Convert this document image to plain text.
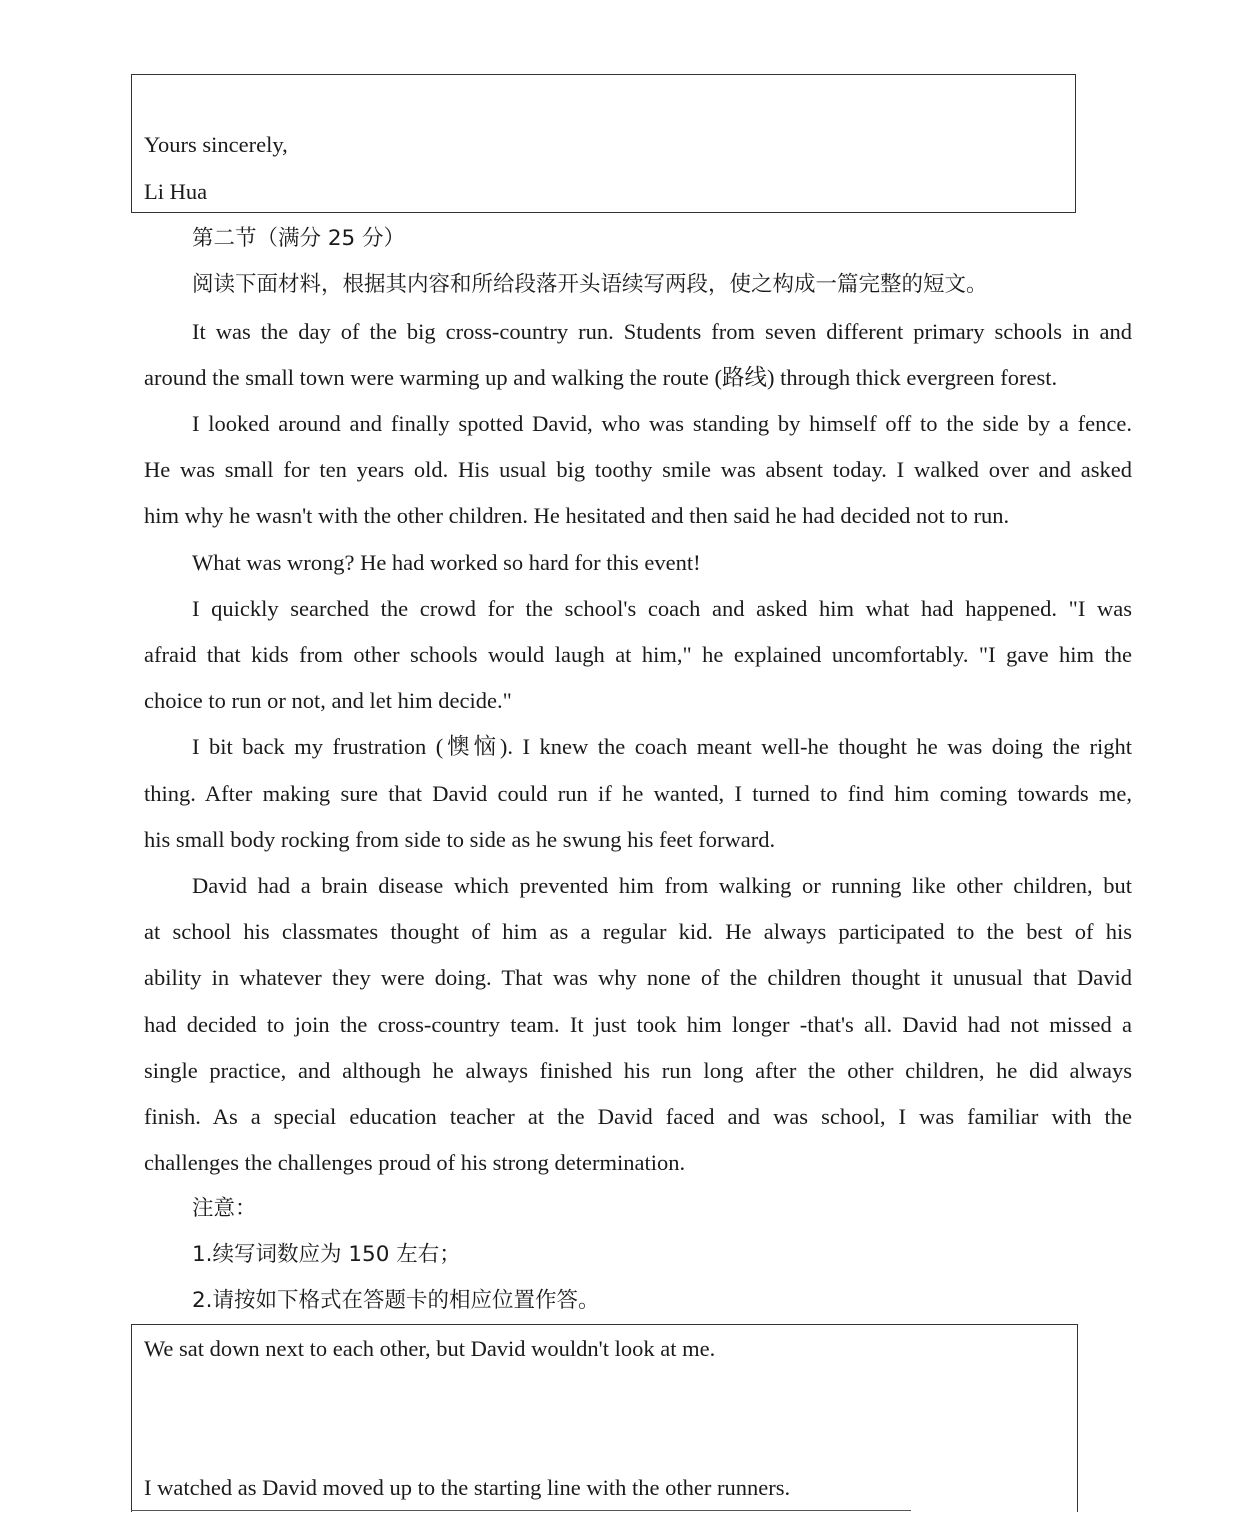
Yours sincerely,
Li Hua
第二节（满分 25 分）
阅读下面材料，根据其内容和所给段落开头语续写两段，使之构成一篇完整的短文。
It was the day of the big cross-country run. Students from seven different primary schools in and
around the small town were warming up and walking the route (路线) through thick evergreen forest.
I looked around and finally spotted David, who was standing by himself off to the side by a fence.
He was small for ten years old. His usual big toothy smile was absent today. I walked over and asked
him why he wasn't with the other children. He hesitated and then said he had decided not to run.
What was wrong? He had worked so hard for this event!
I quickly searched the crowd for the school's coach and asked him what had happened. "I was
afraid that kids from other schools would laugh at him," he explained uncomfortably. "I gave him the
choice to run or not, and let him decide."
I bit back my frustration (懊恼). I knew the coach meant well-he thought he was doing the right
thing. After making sure that David could run if he wanted, I turned to find him coming towards me,
his small body rocking from side to side as he swung his feet forward.
David had a brain disease which prevented him from walking or running like other children, but
at school his classmates thought of him as a regular kid. He always participated to the best of his
ability in whatever they were doing. That was why none of the children thought it unusual that David
had decided to join the cross-country team. It just took him longer -that's all. David had not missed a
single practice, and although he always finished his run long after the other children, he did always
finish. As a special education teacher at the David faced and was school, I was familiar with the
challenges the challenges proud of his strong determination.
注意：
1.续写词数应为 150 左右；
2.请按如下格式在答题卡的相应位置作答。
We sat down next to each other, but David wouldn't look at me.
I watched as David moved up to the starting line with the other runners.
